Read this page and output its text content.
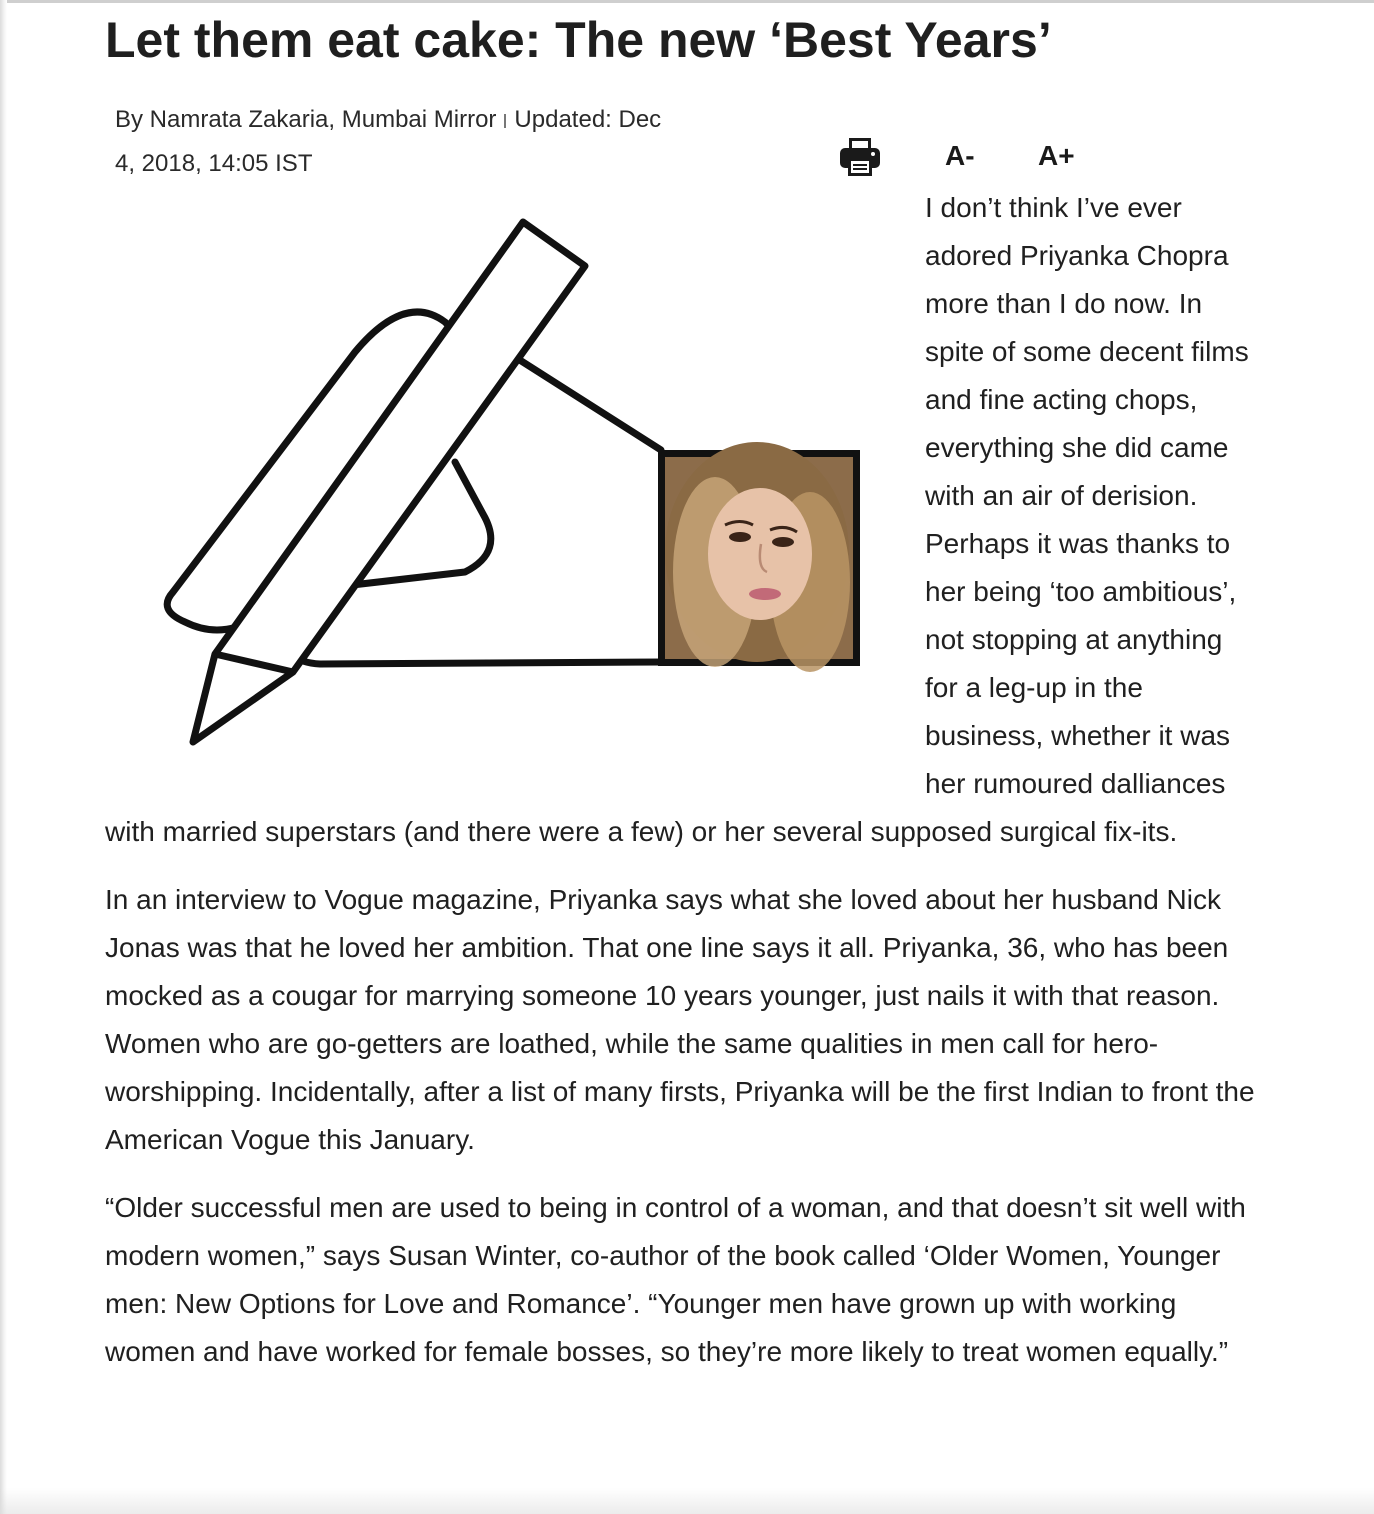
Let them eat cake: The new ‘Best Years’
By Namrata Zakaria, Mumbai Mirror Updated: Dec
4, 2018, 14:05 IST	A- A+

I don’t think I’ve ever adored Priyanka Chopra more than I do now. In spite of some decent films and fine acting chops, everything she did came with an air of derision. Perhaps it was thanks to her being ‘too ambitious’, not stopping at anything for a leg-up in the business, whether it was her rumoured dalliances with married superstars (and there were a few) or her several supposed surgical fix-its.

In an interview to Vogue magazine, Priyanka says what she loved about her husband Nick Jonas was that he loved her ambition. That one line says it all. Priyanka, 36, who has been mocked as a cougar for marrying someone 10 years younger, just nails it with that reason. Women who are go-getters are loathed, while the same qualities in men call for hero-worshipping. Incidentally, after a list of many firsts, Priyanka will be the first Indian to front the American Vogue this January.

“Older successful men are used to being in control of a woman, and that doesn’t sit well with modern women,” says Susan Winter, co-author of the book called ‘Older Women, Younger men: New Options for Love and Romance’. “Younger men have grown up with working women and have worked for female bosses, so they’re more likely to treat women equally.”
